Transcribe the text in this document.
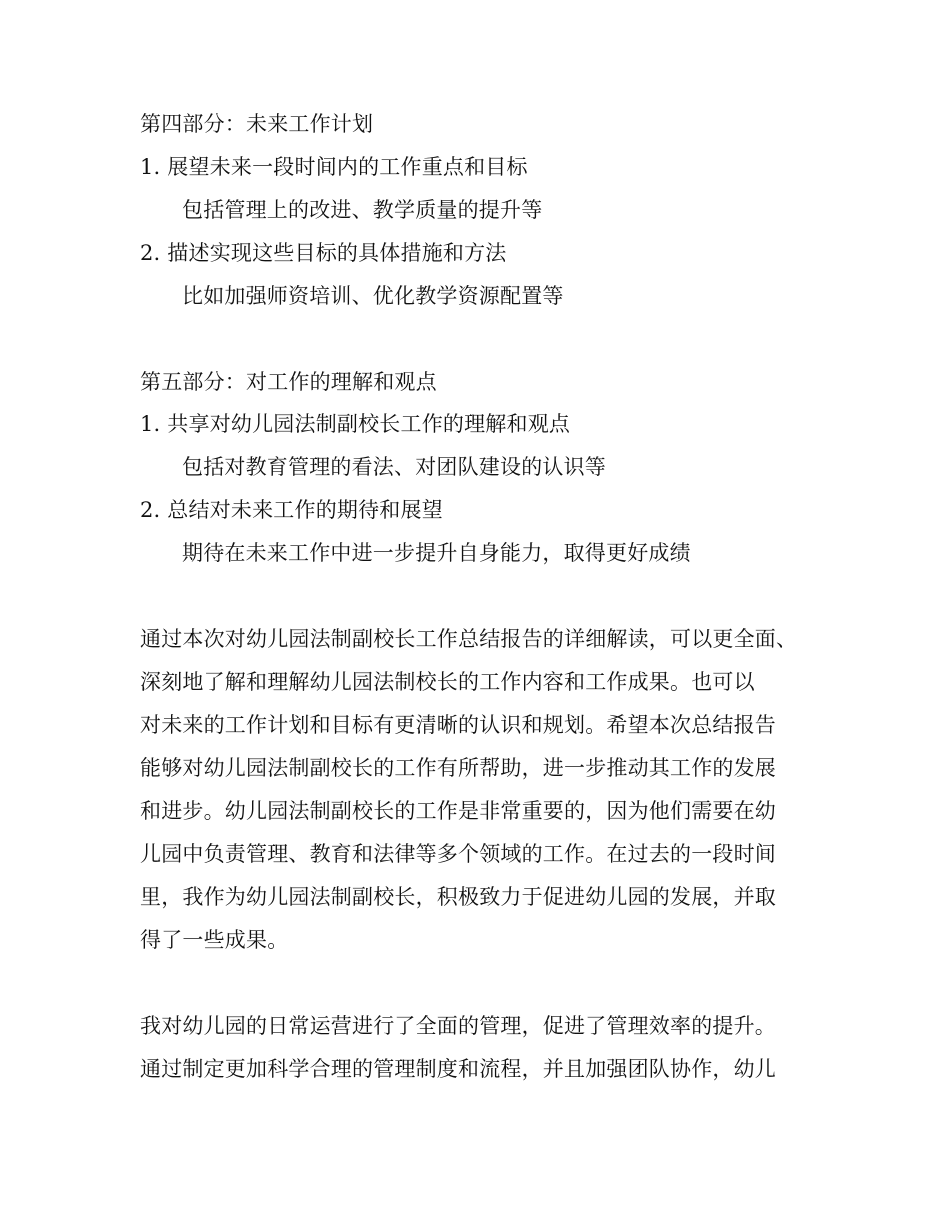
第四部分：未来工作计划
1. 展望未来一段时间内的工作重点和目标
包括管理上的改进、教学质量的提升等
2. 描述实现这些目标的具体措施和方法
比如加强师资培训、优化教学资源配置等
第五部分：对工作的理解和观点
1. 共享对幼儿园法制副校长工作的理解和观点
包括对教育管理的看法、对团队建设的认识等
2. 总结对未来工作的期待和展望
期待在未来工作中进一步提升自身能力，取得更好成绩
通过本次对幼儿园法制副校长工作总结报告的详细解读，可以更全面、
深刻地了解和理解幼儿园法制校长的工作内容和工作成果。也可以
对未来的工作计划和目标有更清晰的认识和规划。希望本次总结报告
能够对幼儿园法制副校长的工作有所帮助，进一步推动其工作的发展
和进步。幼儿园法制副校长的工作是非常重要的，因为他们需要在幼
儿园中负责管理、教育和法律等多个领域的工作。在过去的一段时间
里，我作为幼儿园法制副校长，积极致力于促进幼儿园的发展，并取
得了一些成果。
我对幼儿园的日常运营进行了全面的管理，促进了管理效率的提升。
通过制定更加科学合理的管理制度和流程，并且加强团队协作，幼儿
